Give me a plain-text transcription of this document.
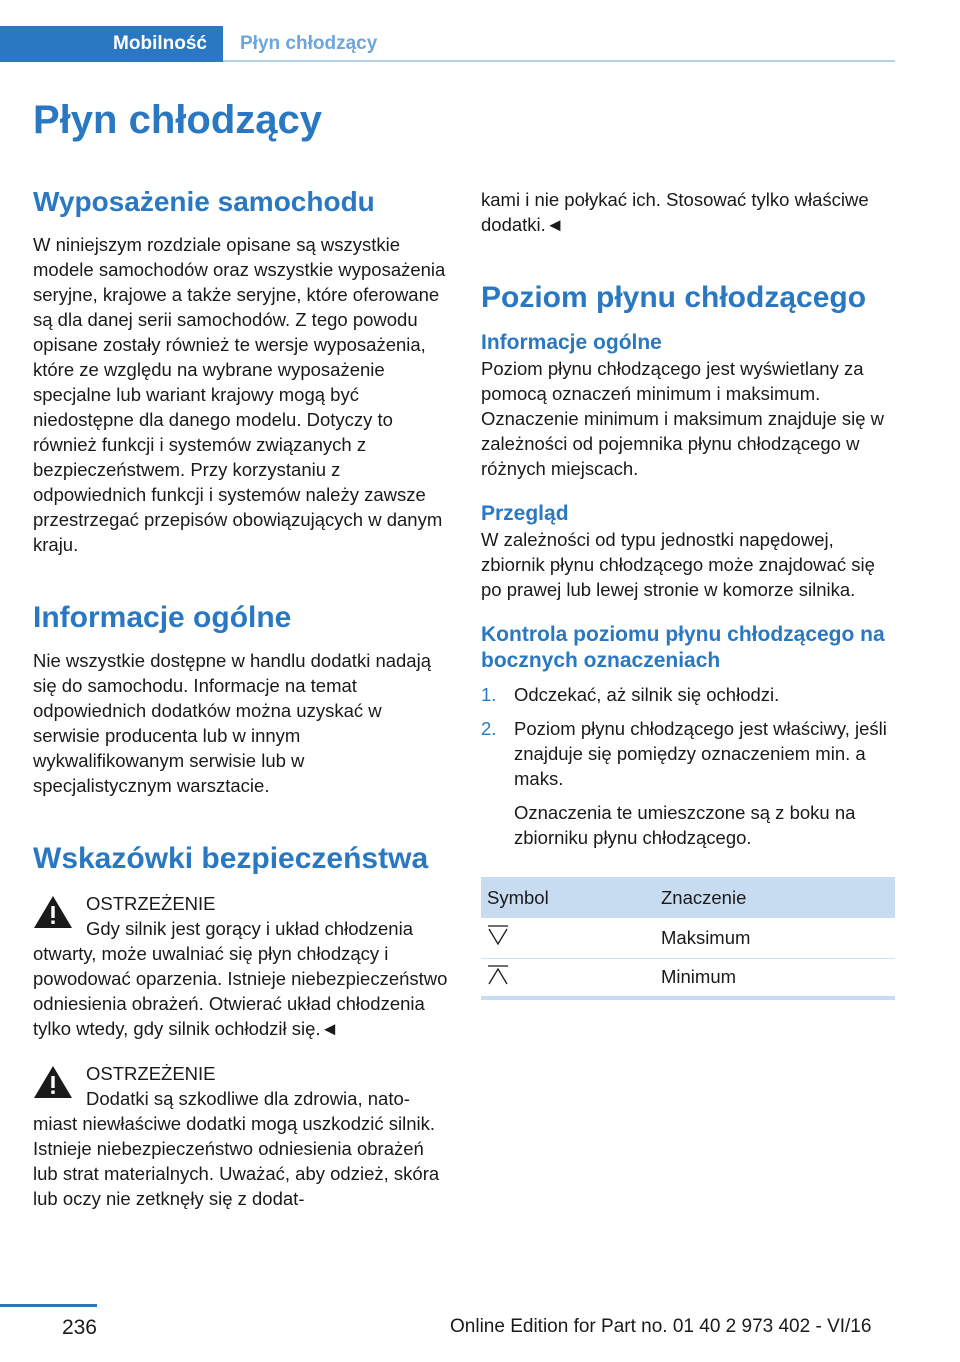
Mobilność	Płyn chłodzący
Płyn chłodzący
Wyposażenie samochodu

W niniejszym rozdziale opisane są wszystkie modele samochodów oraz wszystkie wyposażenia seryjne, krajowe a także seryjne, które oferowane są dla danej serii samochodów. Z tego powodu opisane zostały również te wersje wyposażenia, które ze względu na wybrane wyposażenie specjalne lub wariant krajowy mogą być niedostępne dla danego modelu. Dotyczy to również funkcji i systemów związanych z bezpieczeństwem. Przy korzystaniu z odpowiednich funkcji i systemów należy zawsze przestrzegać przepisów obowiązujących w danym kraju.

Informacje ogólne

Nie wszystkie dostępne w handlu dodatki nadają się do samochodu. Informacje na temat odpowiednich dodatków można uzyskać w serwisie producenta lub w innym wykwalifikowanym serwisie lub w specjalistycznym warsztacie.

Wskazówki bezpieczeństwa
OSTRZEŻENIE
Gdy silnik jest gorący i układ chłodzenia
otwarty, może uwalniać się płyn chłodzący i powodować oparzenia. Istnieje niebezpieczeństwo odniesienia obrażeń. Otwierać układ chłodzenia tylko wtedy, gdy silnik ochłodził się.◄
OSTRZEŻENIE
Dodatki są szkodliwe dla zdrowia, nato-
miast niewłaściwe dodatki mogą uszkodzić silnik. Istnieje niebezpieczeństwo odniesienia obrażeń lub strat materialnych. Uważać, aby odzież, skóra lub oczy nie zetknęły się z dodat-

kami i nie połykać ich. Stosować tylko właściwe dodatki.◄

Poziom płynu chłodzącego
Informacje ogólne

Poziom płynu chłodzącego jest wyświetlany za pomocą oznaczeń minimum i maksimum. Oznaczenie minimum i maksimum znajduje się w zależności od pojemnika płynu chłodzącego w różnych miejscach.

Przegląd

W zależności od typu jednostki napędowej, zbiornik płynu chłodzącego może znajdować się po prawej lub lewej stronie w komorze silnika.

Kontrola poziomu płynu chłodzącego na bocznych oznaczeniach
1. Odczekać, aż silnik się ochłodzi.
2. Poziom płynu chłodzącego jest właściwy, jeśli znajduje się pomiędzy oznaczeniem min. a maks.
Oznaczenia te umieszczone są z boku na zbiorniku płynu chłodzącego.
Symbol	Znaczenie
	Maksimum
	Minimum
236	Online Edition for Part no. 01 40 2 973 402 - VI/16
